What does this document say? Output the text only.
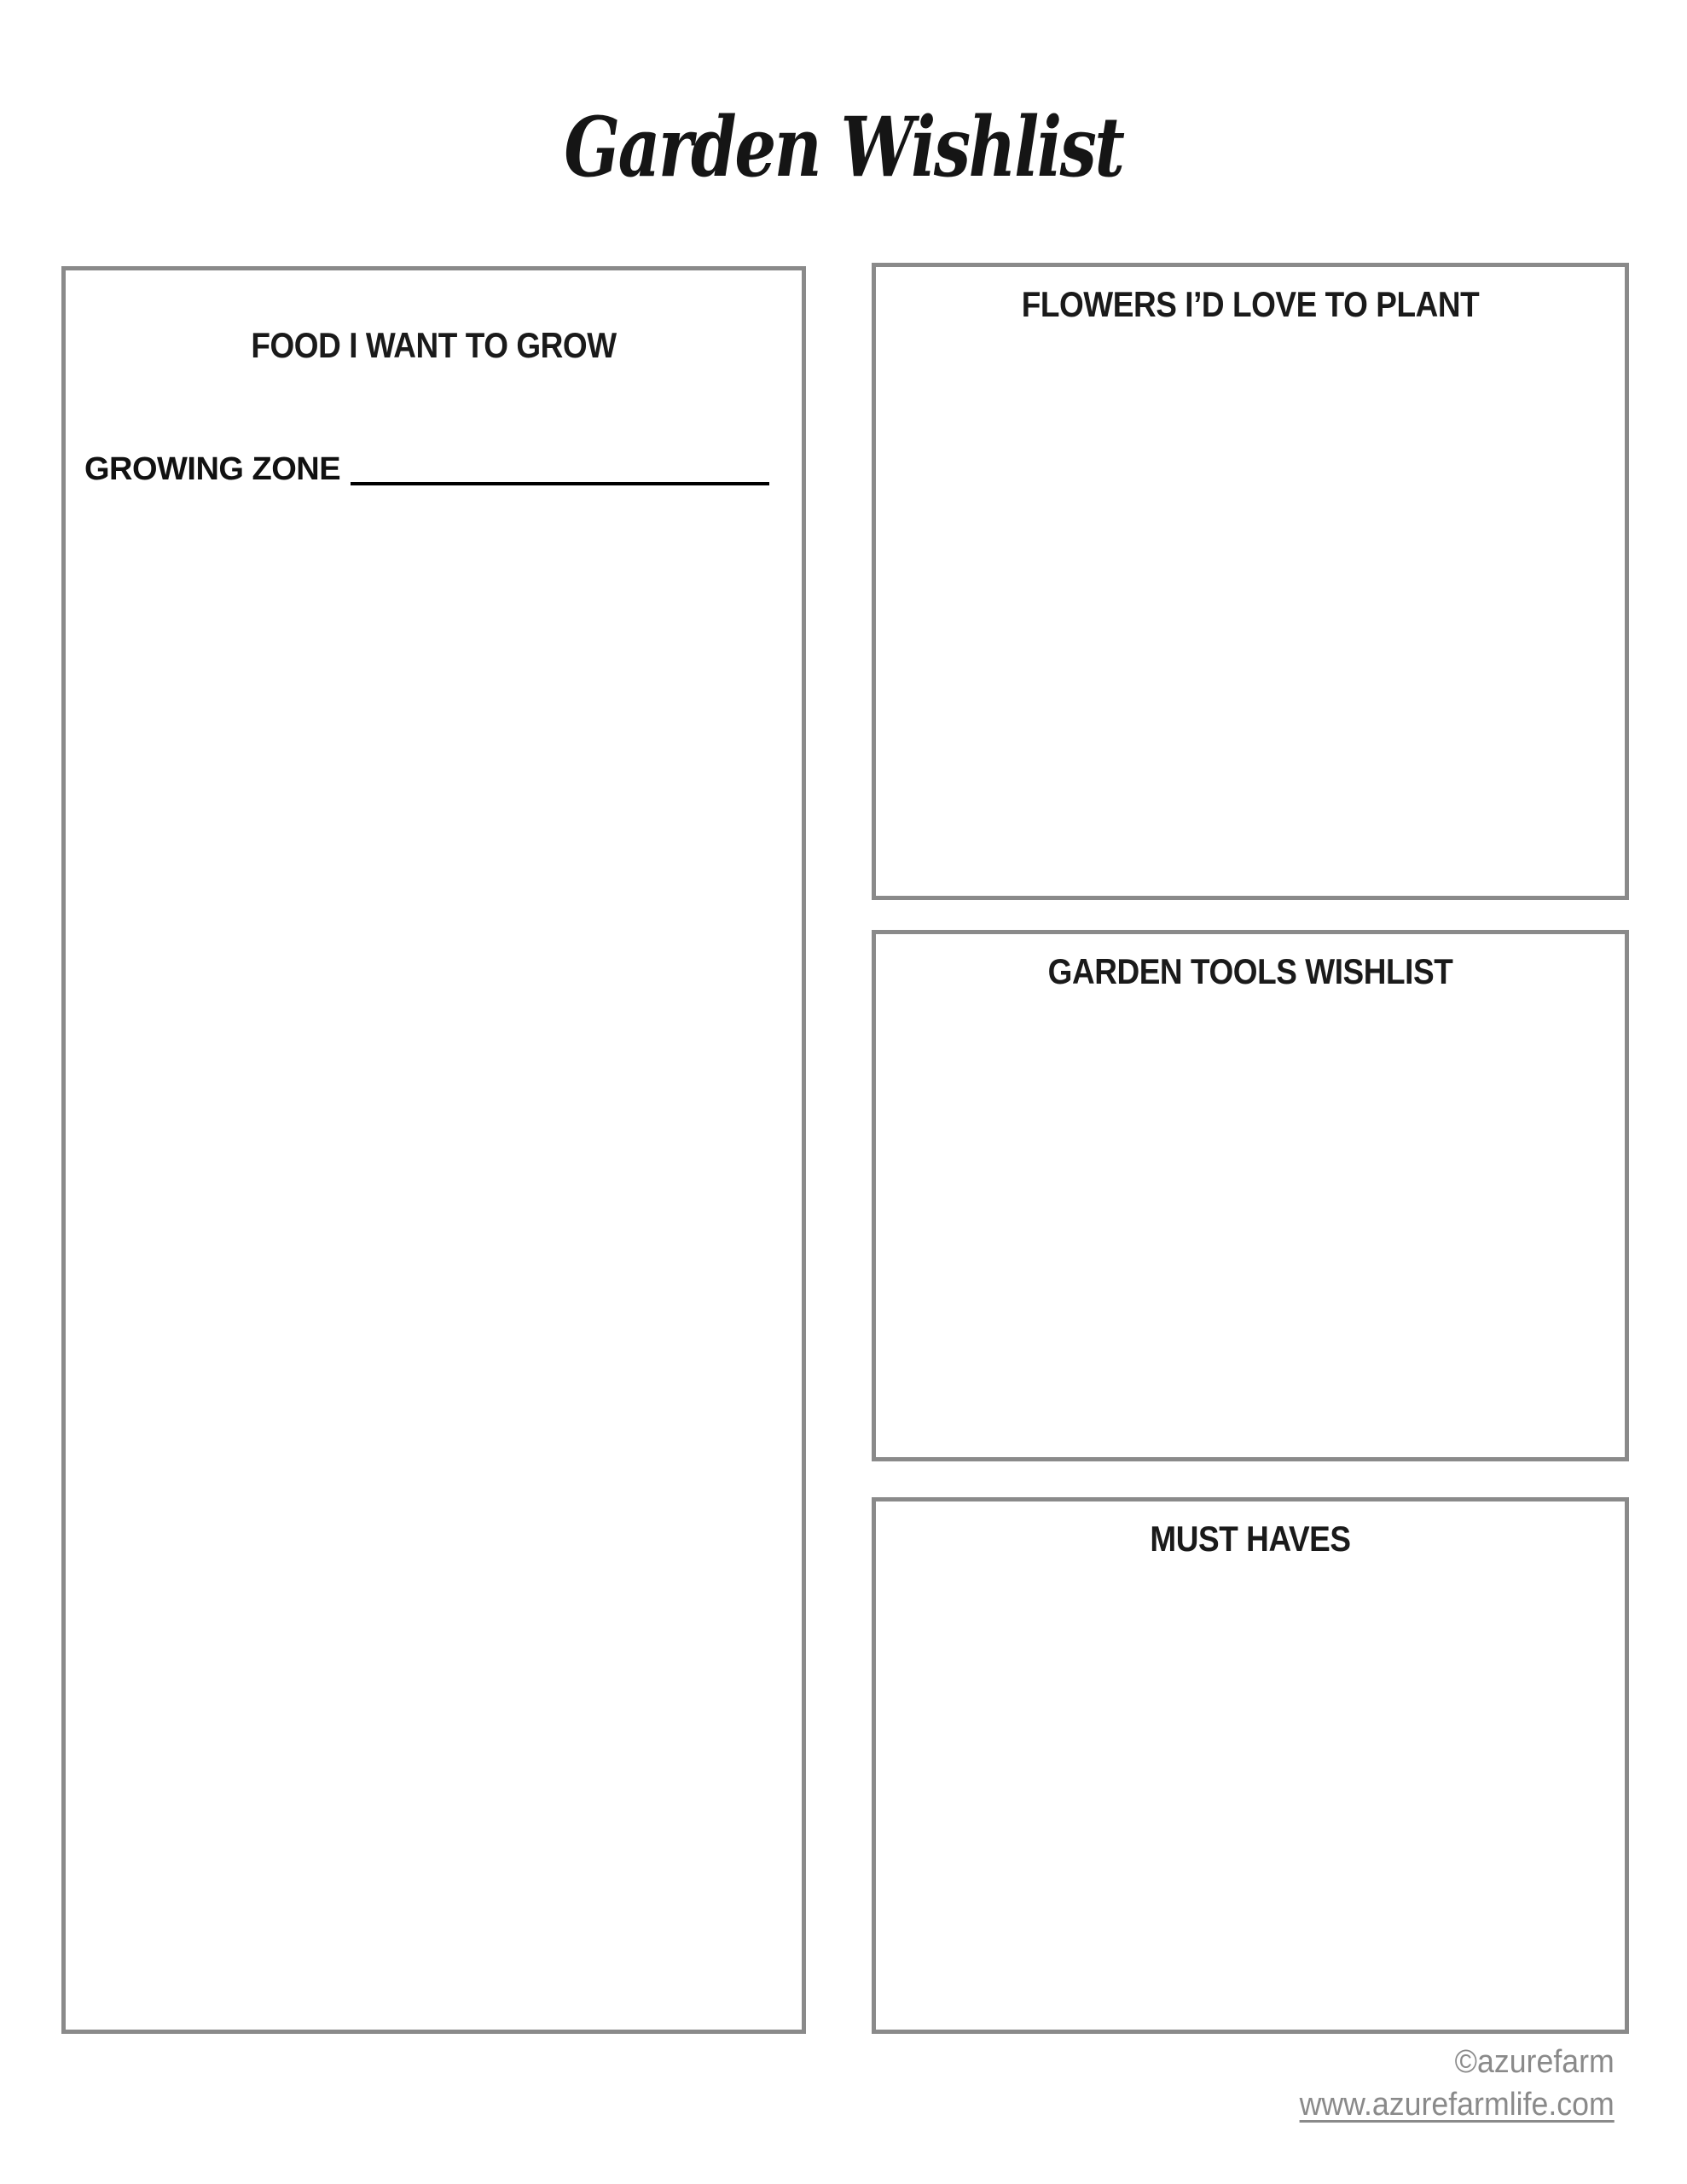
Garden Wishlist
FOOD I WANT TO GROW
GROWING ZONE
FLOWERS I’D LOVE TO PLANT
GARDEN TOOLS WISHLIST
MUST HAVES
©azurefarm
www.azurefarmlife.com
